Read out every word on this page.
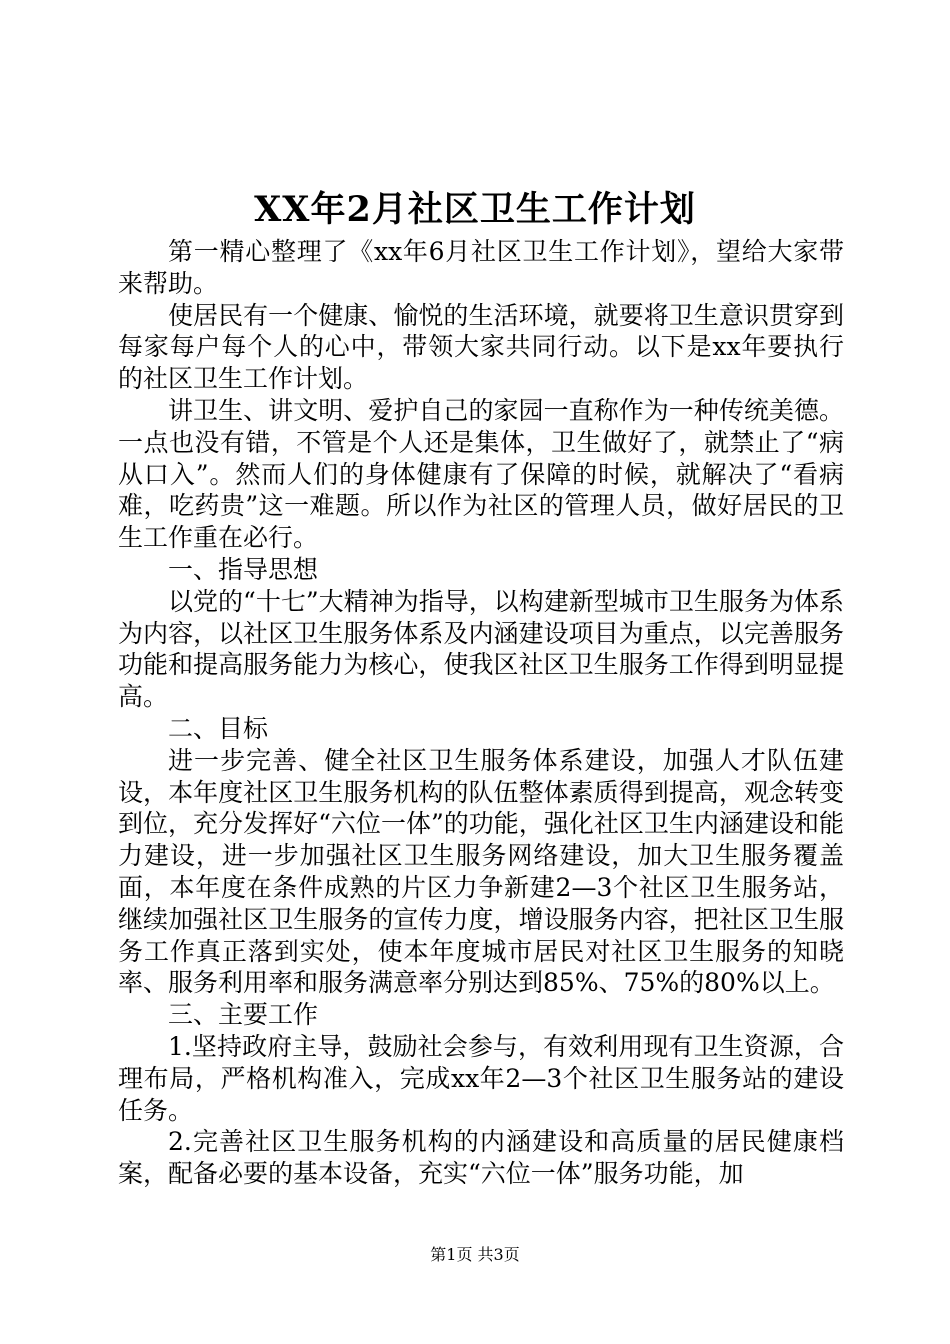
XX年2月社区卫生工作计划

第一精心整理了《xx年6月社区卫生工作计划》，望给大家带来帮助。

使居民有一个健康、愉悦的生活环境，就要将卫生意识贯穿到每家每户每个人的心中，带领大家共同行动。以下是xx年要执行的社区卫生工作计划。

讲卫生、讲文明、爱护自己的家园一直称作为一种传统美德。一点也没有错，不管是个人还是集体，卫生做好了，就禁止了“病从口入”。然而人们的身体健康有了保障的时候，就解决了“看病难，吃药贵”这一难题。所以作为社区的管理人员，做好居民的卫生工作重在必行。

一、指导思想

以党的“十七”大精神为指导，以构建新型城市卫生服务为体系为内容，以社区卫生服务体系及内涵建设项目为重点，以完善服务功能和提高服务能力为核心，使我区社区卫生服务工作得到明显提高。

二、目标

进一步完善、健全社区卫生服务体系建设，加强人才队伍建设，本年度社区卫生服务机构的队伍整体素质得到提高，观念转变到位，充分发挥好“六位一体”的功能，强化社区卫生内涵建设和能力建设，进一步加强社区卫生服务网络建设，加大卫生服务覆盖面，本年度在条件成熟的片区力争新建2—3个社区卫生服务站，继续加强社区卫生服务的宣传力度，增设服务内容，把社区卫生服务工作真正落到实处，使本年度城市居民对社区卫生服务的知晓率、服务利用率和服务满意率分别达到85%、75%的80%以上。

三、主要工作

1.坚持政府主导，鼓励社会参与，有效利用现有卫生资源，合理布局，严格机构准入，完成xx年2—3个社区卫生服务站的建设任务。

2.完善社区卫生服务机构的内涵建设和高质量的居民健康档案，配备必要的基本设备，充实“六位一体”服务功能，加

第1页 共3页
